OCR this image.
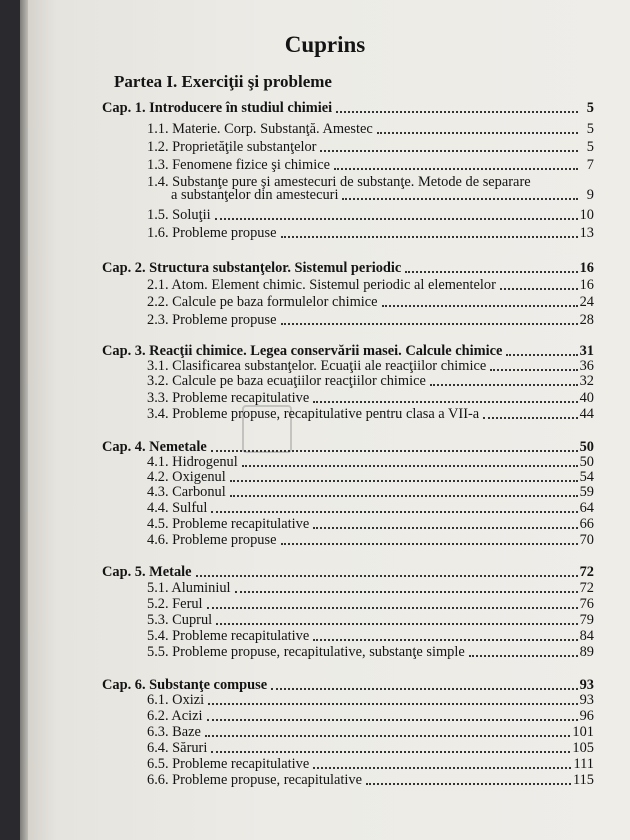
Cuprins
Partea I. Exerciţii şi probleme
Cap. 1. Introducere în studiul chimiei	5
1.1. Materie. Corp. Substanţă. Amestec	5
1.2. Proprietăţile substanţelor	5
1.3. Fenomene fizice şi chimice	7
1.4. Substanţe pure şi amestecuri de substanţe. Metode de separare
a substanţelor din amestecuri	9
1.5. Soluţii	10
1.6. Probleme propuse	13
Cap. 2. Structura substanţelor. Sistemul periodic	16
2.1. Atom. Element chimic. Sistemul periodic al elementelor	16
2.2. Calcule pe baza formulelor chimice	24
2.3. Probleme propuse	28
Cap. 3. Reacţii chimice. Legea conservării masei. Calcule chimice	31
3.1. Clasificarea substanţelor. Ecuaţii ale reacţiilor chimice	36
3.2. Calcule pe baza ecuaţiilor reacţiilor chimice	32
3.3. Probleme recapitulative	40
3.4. Probleme propuse, recapitulative pentru clasa a VII-a	44
Cap. 4. Nemetale	50
4.1. Hidrogenul	50
4.2. Oxigenul	54
4.3. Carbonul	59
4.4. Sulful	64
4.5. Probleme recapitulative	66
4.6. Probleme propuse	70
Cap. 5. Metale	72
5.1. Aluminiul	72
5.2. Ferul	76
5.3. Cuprul	79
5.4. Probleme recapitulative	84
5.5. Probleme propuse, recapitulative, substanţe simple	89
Cap. 6. Substanţe compuse	93
6.1. Oxizi	93
6.2. Acizi	96
6.3. Baze	101
6.4. Săruri	105
6.5. Probleme recapitulative	111
6.6. Probleme propuse, recapitulative	115
